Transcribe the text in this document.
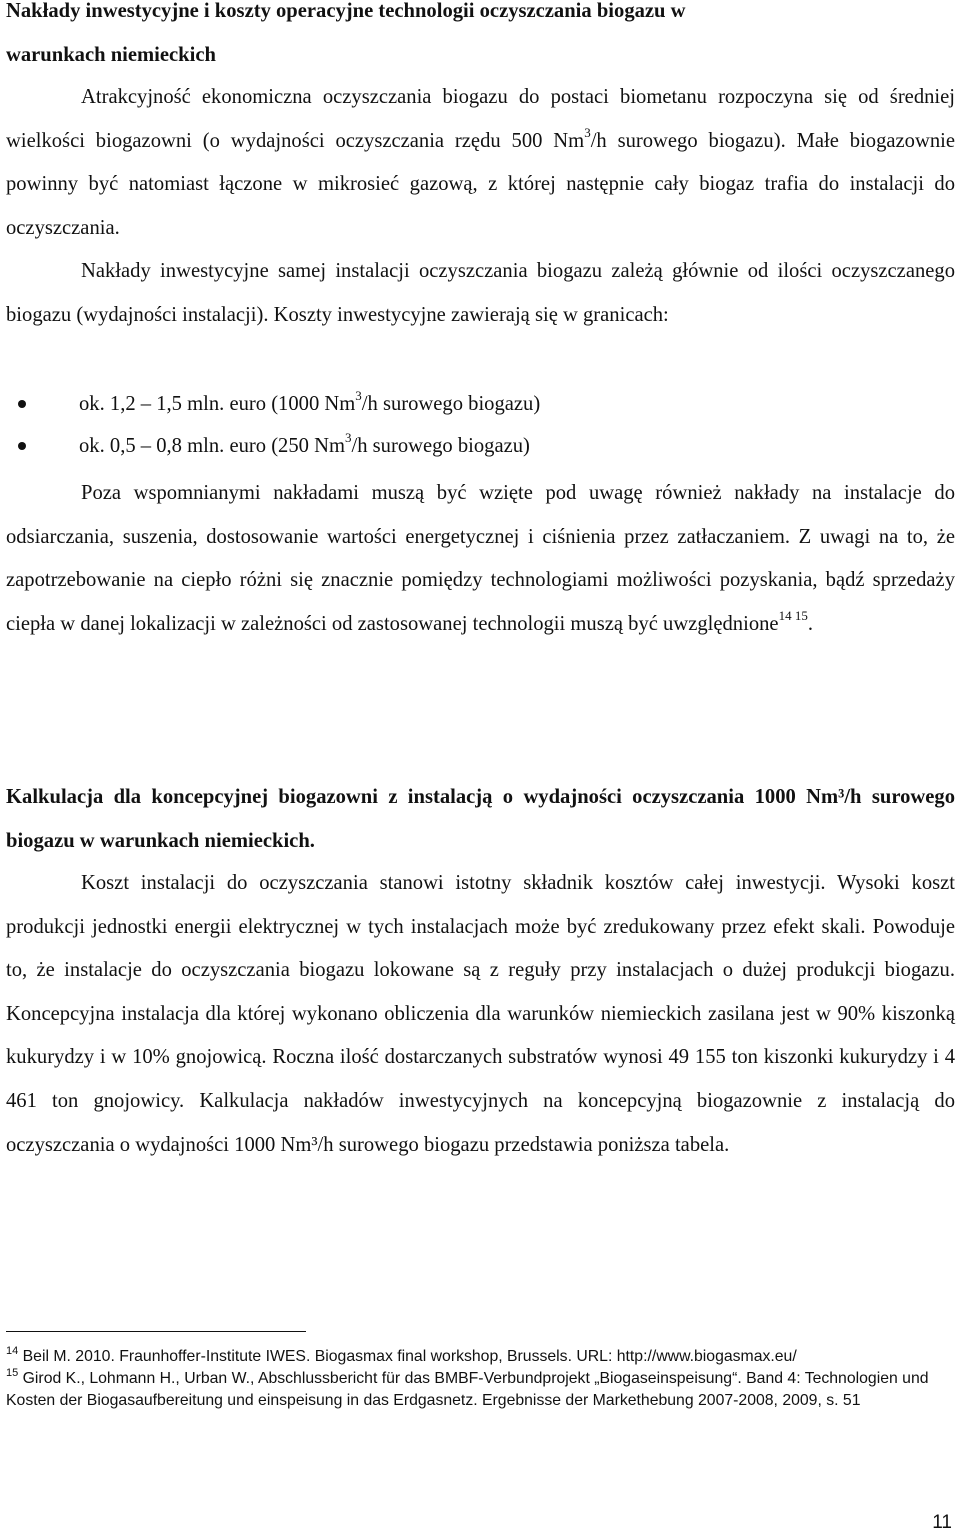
Nakłady inwestycyjne i koszty operacyjne technologii oczyszczania biogazu w
warunkach niemieckich

Atrakcyjność ekonomiczna oczyszczania biogazu do postaci biometanu rozpoczyna się od średniej wielkości biogazowni (o wydajności oczyszczania rzędu 500 Nm$^3$/h surowego biogazu). Małe biogazownie powinny być natomiast łączone w mikrosieć gazową, z której następnie cały biogaz trafia do instalacji do oczyszczania.

Nakłady inwestycyjne samej instalacji oczyszczania biogazu zależą głównie od ilości oczyszczanego biogazu (wydajności instalacji). Koszty inwestycyjne zawierają się w granicach:

ok. 1,2 – 1,5 mln. euro (1000 Nm$^3$/h surowego biogazu)
ok. 0,5 – 0,8 mln. euro (250 Nm$^3$/h surowego biogazu)

Poza wspomnianymi nakładami muszą być wzięte pod uwagę również nakłady na instalacje do odsiarczania, suszenia, dostosowanie wartości energetycznej i ciśnienia przez zatłaczaniem. Z uwagi na to, że zapotrzebowanie na ciepło różni się znacznie pomiędzy technologiami możliwości pozyskania, bądź sprzedaży ciepła w danej lokalizacji w zależności od zastosowanej technologii muszą być uwzględnione$^{14 15}$.

Kalkulacja dla koncepcyjnej biogazowni z instalacją o wydajności oczyszczania 1000 Nm³/h surowego biogazu w warunkach niemieckich.

Koszt instalacji do oczyszczania stanowi istotny składnik kosztów całej inwestycji. Wysoki koszt produkcji jednostki energii elektrycznej w tych instalacjach może być zredukowany przez efekt skali. Powoduje to, że instalacje do oczyszczania biogazu lokowane są z reguły przy instalacjach o dużej produkcji biogazu. Koncepcyjna instalacja dla której wykonano obliczenia dla warunków niemieckich zasilana jest w 90% kiszonką kukurydzy i w 10% gnojowicą. Roczna ilość dostarczanych substratów wynosi 49 155 ton kiszonki kukurydzy i 4 461 ton gnojowicy. Kalkulacja nakładów inwestycyjnych na koncepcyjną biogazownie z instalacją do oczyszczania o wydajności 1000 Nm³/h surowego biogazu przedstawia poniższa tabela.

$^{14}$ Beil M. 2010. Fraunhoffer-Institute IWES. Biogasmax final workshop, Brussels. URL: http://www.biogasmax.eu/

$^{15}$ Girod K., Lohmann H., Urban W., Abschlussbericht für das BMBF-Verbundprojekt „Biogaseinspeisung“. Band 4: Technologien und Kosten der Biogasaufbereitung und einspeisung in das Erdgasnetz. Ergebnisse der Markethebung 2007-2008, 2009, s. 51

11
